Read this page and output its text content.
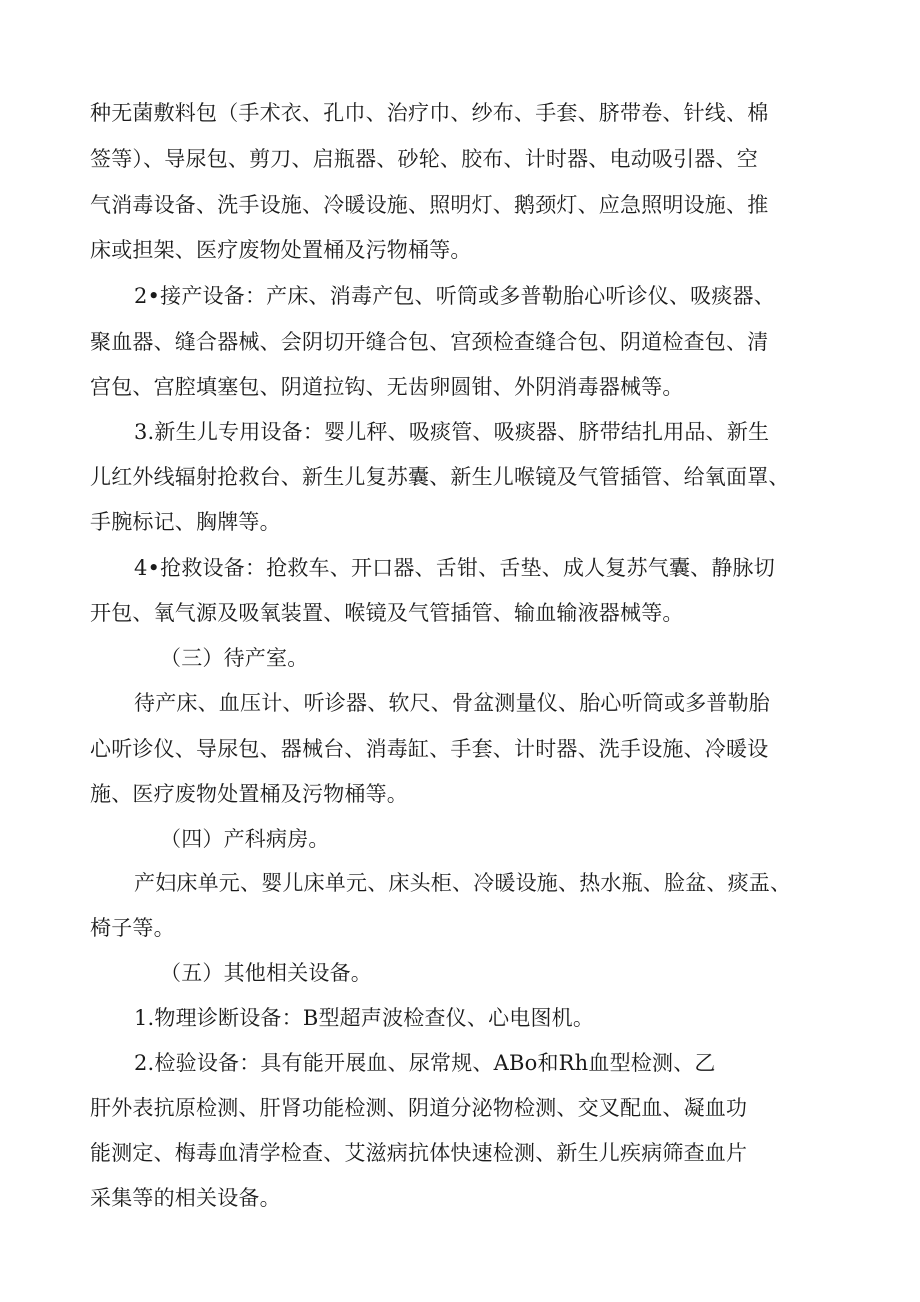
种无菌敷料包（手术衣、孔巾、治疗巾、纱布、手套、脐带卷、针线、棉
签等）、导尿包、剪刀、启瓶器、砂轮、胶布、计时器、电动吸引器、空
气消毒设备、洗手设施、冷暖设施、照明灯、鹅颈灯、应急照明设施、推
床或担架、医疗废物处置桶及污物桶等。
2•接产设备：产床、消毒产包、听筒或多普勒胎心听诊仪、吸痰器、
聚血器、缝合器械、会阴切开缝合包、宫颈检查缝合包、阴道检查包、清
宫包、宫腔填塞包、阴道拉钩、无齿卵圆钳、外阴消毒器械等。
3.新生儿专用设备：婴儿秤、吸痰管、吸痰器、脐带结扎用品、新生
儿红外线辐射抢救台、新生儿复苏囊、新生儿喉镜及气管插管、给氧面罩、
手腕标记、胸牌等。
4•抢救设备：抢救车、开口器、舌钳、舌垫、成人复苏气囊、静脉切
开包、氧气源及吸氧装置、喉镜及气管插管、输血输液器械等。
（三）待产室。
待产床、血压计、听诊器、软尺、骨盆测量仪、胎心听筒或多普勒胎
心听诊仪、导尿包、器械台、消毒缸、手套、计时器、洗手设施、冷暖设
施、医疗废物处置桶及污物桶等。
（四）产科病房。
产妇床单元、婴儿床单元、床头柜、冷暖设施、热水瓶、脸盆、痰盂、
椅子等。
（五）其他相关设备。
1.物理诊断设备：B型超声波检查仪、心电图机。
2.检验设备：具有能开展血、尿常规、ABo和Rh血型检测、乙
肝外表抗原检测、肝肾功能检测、阴道分泌物检测、交叉配血、凝血功
能测定、梅毒血清学检查、艾滋病抗体快速检测、新生儿疾病筛查血片
采集等的相关设备。
